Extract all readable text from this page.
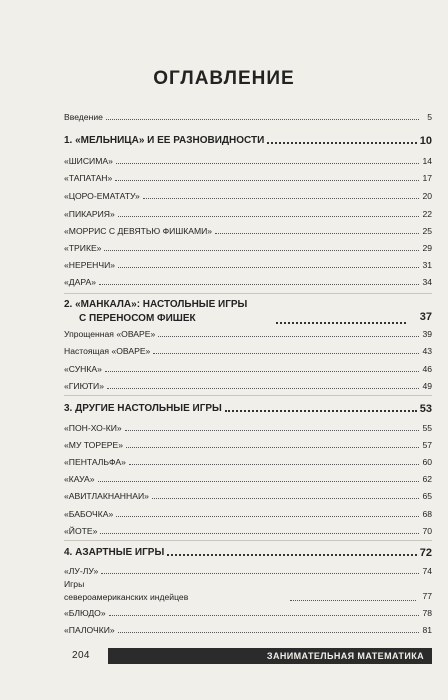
ОГЛАВЛЕНИЕ
Введение	5
1. «МЕЛЬНИЦА» И ЕЕ РАЗНОВИДНОСТИ	10
«ШИСИМА»	14
«ТАПАТАН»	17
«ЦОРО-ЕМАТАТУ»	20
«ПИКАРИЯ»	22
«МОРРИС С ДЕВЯТЬЮ ФИШКАМИ»	25
«ТРИКЕ»	29
«НЕРЕНЧИ»	31
«ДАРА»	34
2. «МАНКАЛА»: НАСТОЛЬНЫЕ ИГРЫ
С ПЕРЕНОСОМ ФИШЕК	37
Упрощенная «ОВАРЕ»	39
Настоящая «ОВАРЕ»	43
«СУНКА»	46
«ГИЮТИ»	49
3. ДРУГИЕ НАСТОЛЬНЫЕ ИГРЫ	53
«ПОН-ХО-КИ»	55
«МУ ТОРЕРЕ»	57
«ПЕНТАЛЬФА»	60
«КАУА»	62
«АВИТЛАКНАННАИ»	65
«БАБОЧКА»	68
«ЙОТЕ»	70
4. АЗАРТНЫЕ ИГРЫ	72
«ЛУ-ЛУ»	74
Игры
североамериканских индейцев	77
«БЛЮДО»	78
«ПАЛОЧКИ»	81
204	ЗАНИМАТЕЛЬНАЯ МАТЕМАТИКА
